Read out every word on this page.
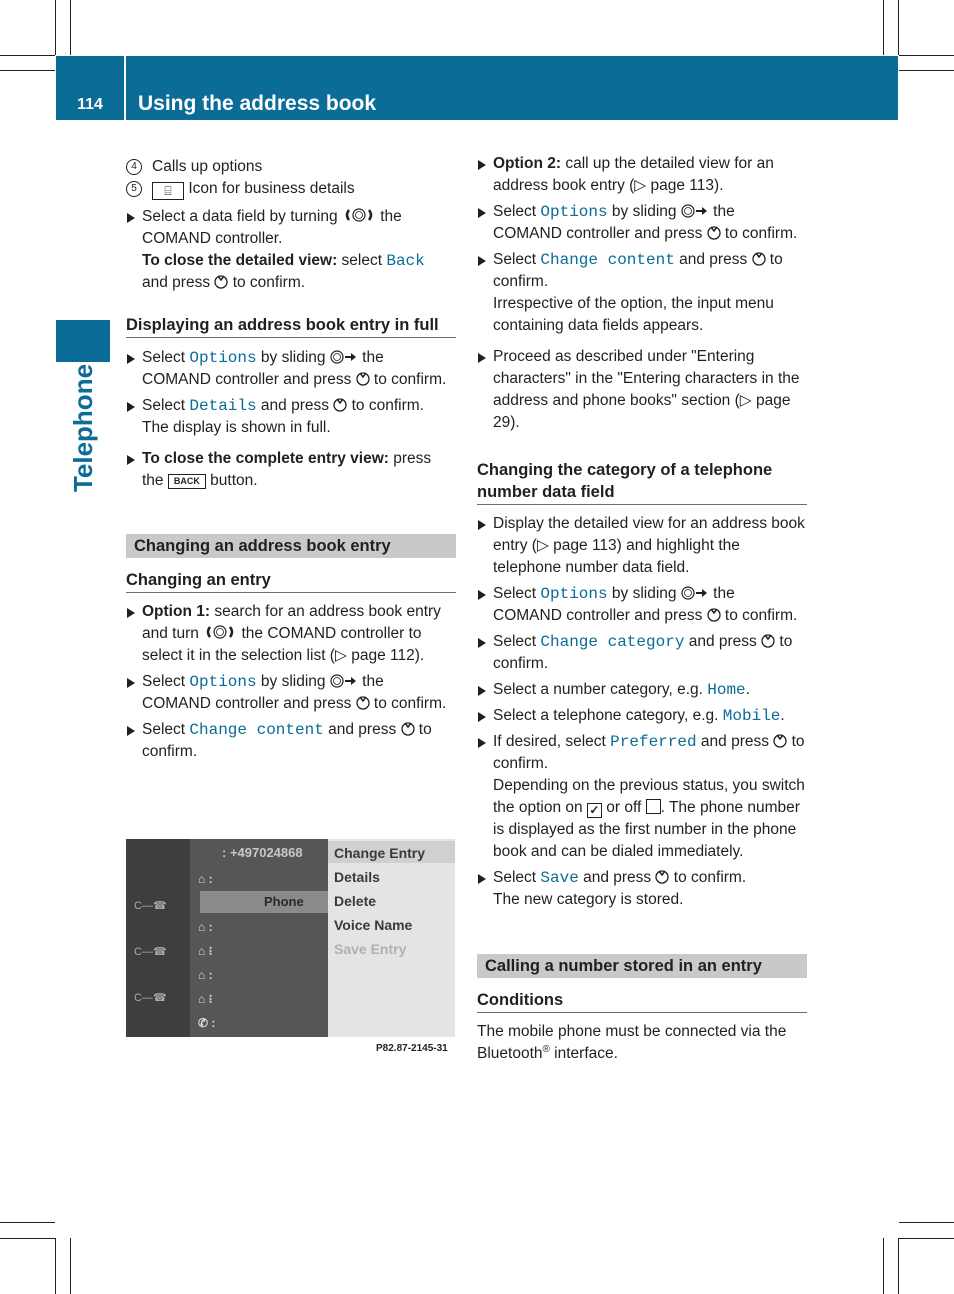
114	Using the address book
Telephone
4 Calls up options
5	⌸ Icon for business details
Select a data field by turning  the COMAND controller.
To close the detailed view: select Back
and press  to confirm.
Displaying an address book entry in full
Select Options by sliding  the COMAND controller and press  to confirm.
Select Details and press  to confirm.
The display is shown in full.
To close the complete entry view: press the BACK button.
Changing an address book entry
Changing an entry
Option 1: search for an address book entry and turn  the COMAND controller to select it in the selection list (▷ page 112).
Select Options by sliding  the COMAND controller and press  to confirm.
Select Change content and press  to confirm.
C—☎
C—☎
C—☎
: +497024868
Phone
⌂ :
⌂ :
⌂ ⁝
⌂ :
⌂ ⁝
✆ :
Change Entry
Details
Delete
Voice Name
Save Entry
P82.87-2145-31
Option 2: call up the detailed view for an address book entry (▷ page 113).
Select Options by sliding  the COMAND controller and press  to confirm.
Select Change content and press  to confirm.
Irrespective of the option, the input menu containing data fields appears.
Proceed as described under "Entering characters" in the "Entering characters in the address and phone books" section (▷ page 29).
Changing the category of a telephone number data field
Display the detailed view for an address book entry (▷ page 113) and highlight the telephone number data field.
Select Options by sliding  the COMAND controller and press  to confirm.
Select Change category and press  to confirm.
Select a number category, e.g. Home.
Select a telephone category, e.g. Mobile.
If desired, select Preferred and press  to confirm.
Depending on the previous status, you switch the option on ✓ or off . The phone number is displayed as the first number in the phone book and can be dialed immediately.
Select Save and press  to confirm.
The new category is stored.
Calling a number stored in an entry
Conditions
The mobile phone must be connected via the Bluetooth® interface.
